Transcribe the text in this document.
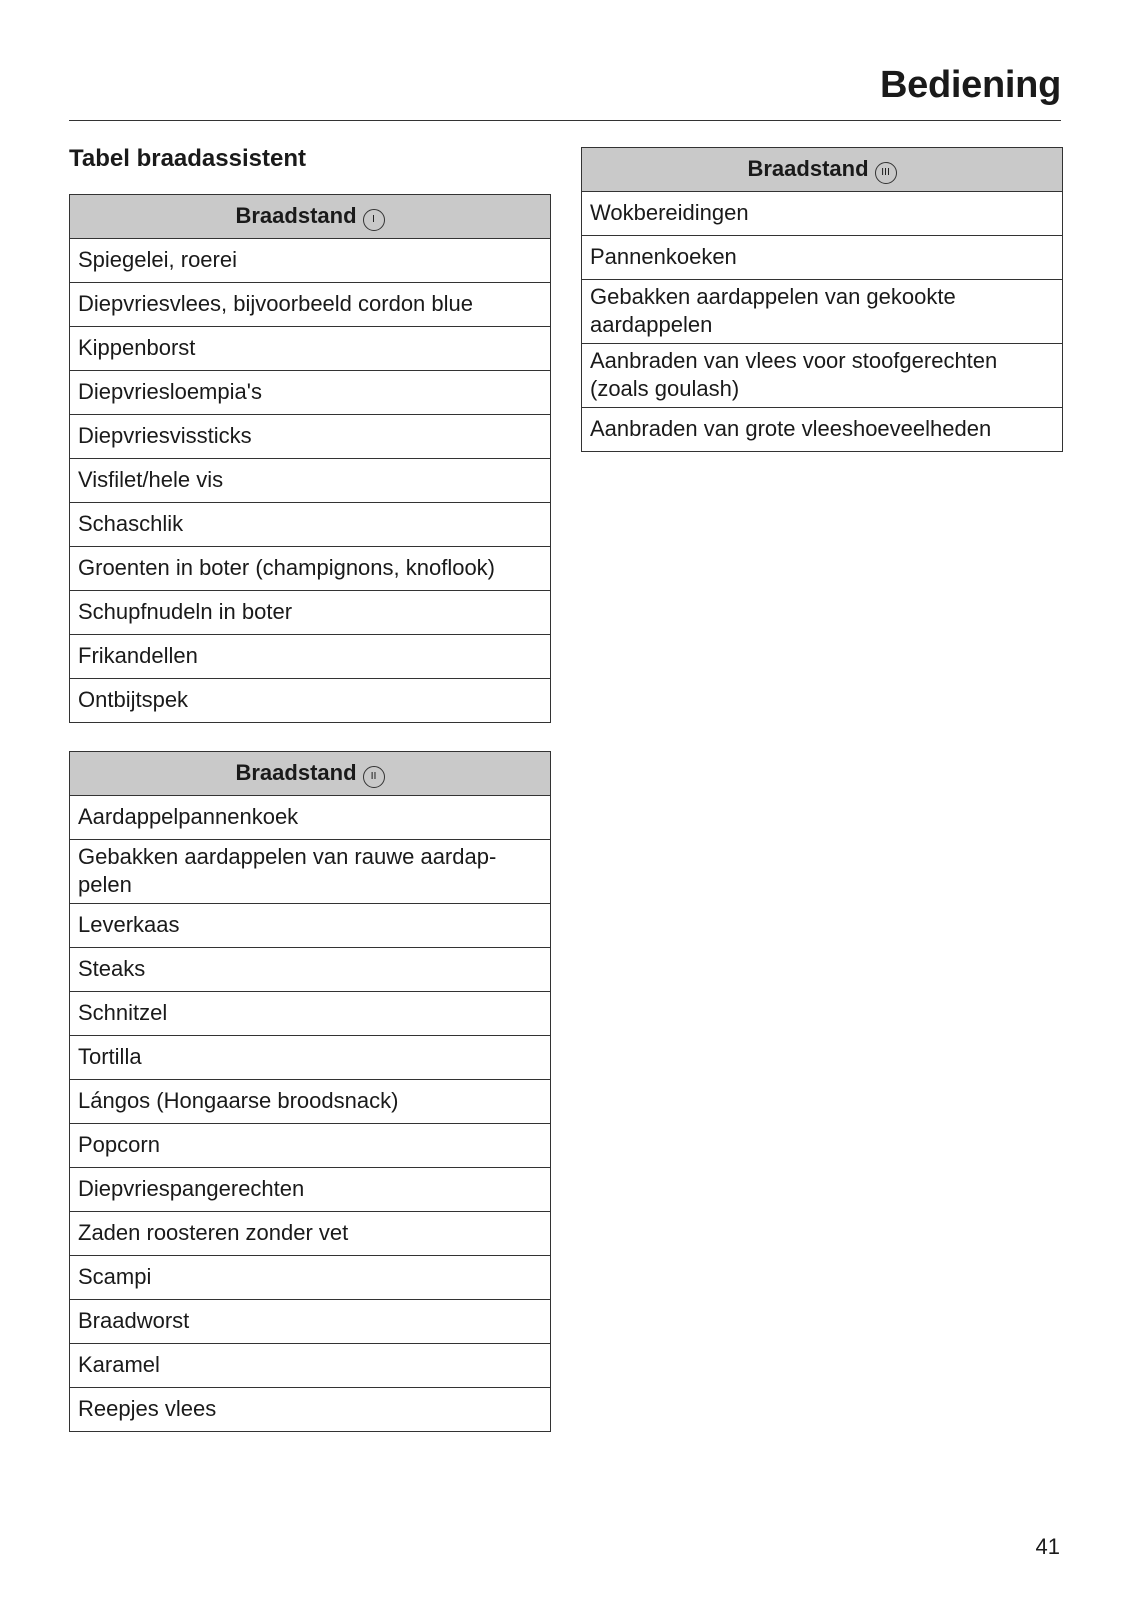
Bediening
Tabel braadassistent
Braadstand I
Spiegelei, roerei
Diepvriesvlees, bijvoorbeeld cordon blue
Kippenborst
Diepvriesloempia's
Diepvriesvissticks
Visfilet/hele vis
Schaschlik
Groenten in boter (champignons, knoflook)
Schupfnudeln in boter
Frikandellen
Ontbijtspek
Braadstand II
Aardappelpannenkoek
Gebakken aardappelen van rauwe aardap-
pelen
Leverkaas
Steaks
Schnitzel
Tortilla
Lángos (Hongaarse broodsnack)
Popcorn
Diepvriespangerechten
Zaden roosteren zonder vet
Scampi
Braadworst
Karamel
Reepjes vlees
Braadstand III
Wokbereidingen
Pannenkoeken
Gebakken aardappelen van gekookte
aardappelen
Aanbraden van vlees voor stoofgerechten
(zoals goulash)
Aanbraden van grote vleeshoeveelheden
41
